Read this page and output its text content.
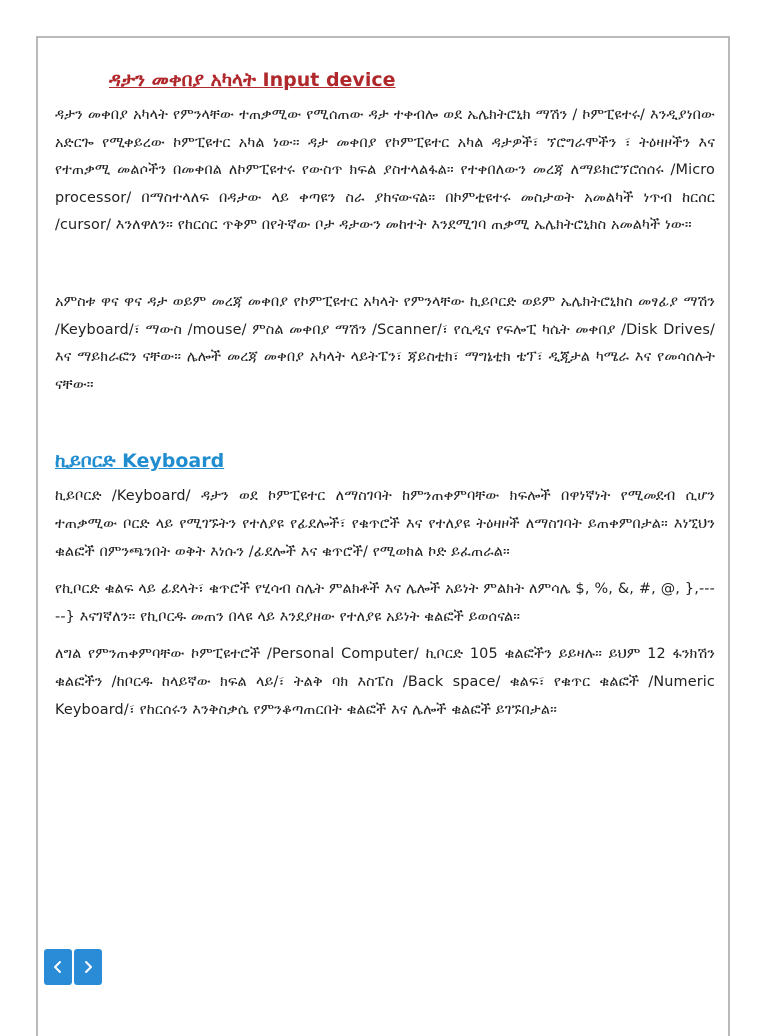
ዳታን መቀበያ አካላት Input device

ዳታን መቀበያ አካላት የምንላቸው ተጠቃሚው የሚሰጠው ዳታ ተቀብሎ ወደ ኤሌክትሮኒክ ማሽን / ኮምፒዩተሩ/ እንዲያነበው አድርጐ የሚቀይረው ኮምፒዩተር አካል ነው። ዳታ መቀበያ የኮምፒዩተር አካል ዳታዎች፣ ኘሮግራሞችን ፣ ትዕዛዞችን እና የተጠቃሚ መልሶችን በመቀበል ለኮምፒዩተሩ የውስጥ ክፍል ያስተላልፋል። የተቀበለውን መረጃ ለማይክሮኘሮሰሰሩ /Micro processor/ በማስተላለፍ በዳታው ላይ ቀጣዩን ስራ ያከናውናል። በኮምቲዩተሩ መስታወት አመልካች ነጥብ ከርሰር /cursor/ እንለዋለን። የከርሰር ጥቅም በየትኛው ቦታ ዳታውን መከተት እንደሚገባ ጠቃሚ ኤሌክትሮኒክስ አመልካች ነው።

አምስቱ ዋና ዋና ዳታ ወይም መረጃ መቀበያ የኮምፒዩተር አካላት የምንላቸው ኪይቦርድ ወይም ኤሌክትሮኒክስ መፃፊያ ማሽን /Keyboard/፣ ማውስ /mouse/ ምስል መቀበያ ማሽን /Scanner/፣ የሲዲና የፍሎፒ ካሴት መቀበያ /Disk Drives/ እና ማይክራፎን ናቸው። ሌሎች መረጃ መቀበያ አካላት ላይትፔን፣ ጃይስቲክ፣ ማግኔቲክ ቴፕ፣ ዲጂታል ካሜራ እና የመሳሰሉት ናቸው።

ኪይቦርድ Keyboard

ኪይቦርድ /Keyboard/ ዳታን ወደ ኮምፒዩተር ለማስገባት ከምንጠቀምባቸው ክፍሎች በዋነኛነት የሚመደብ ሲሆን ተጠቃሚው ቦርድ ላይ የሚገኙትን የተለያዩ የፊደሎች፣ የቁጥሮች እና የተለያዩ ትዕዛዞች ለማስገባት ይጠቀምበታል። እነኚህን ቁልፎች በምንጫንበት ወቅት እነሱን /ፊደሎች እና ቁጥሮች/ የሚወክል ኮድ ይፈጠራል።

የኪቦርድ ቁልፍ ላይ ፊደላት፣ ቁጥሮች የሂሳብ ስሌት ምልክቶች እና ሌሎች አይነት ምልክት ለምሳሌ $, %, &, #, @, },-----} እናገኛለን። የኪቦርዱ መጠን በላዩ ላይ እንደያዘው የተለያዩ አይነት ቁልፎች ይወሰናል።

ለግል የምንጠቀምባቸው ኮምፒዩተሮች /Personal Computer/ ኪቦርድ 105 ቁልፎችን ይይዛሉ። ይህም 12 ፋንክሽን ቁልፎችን /ከቦርዱ ከላይኛው ክፍል ላይ/፣ ትልቅ ባክ እስፔስ /Back space/ ቁልፍ፣ የቁጥር ቁልፎች /Numeric Keyboard/፣ የከርሰሩን እንቅስቃሴ የምንቆጣጠርበት ቁልፎች እና ሌሎች ቁልፎች ይገኙበታል።
